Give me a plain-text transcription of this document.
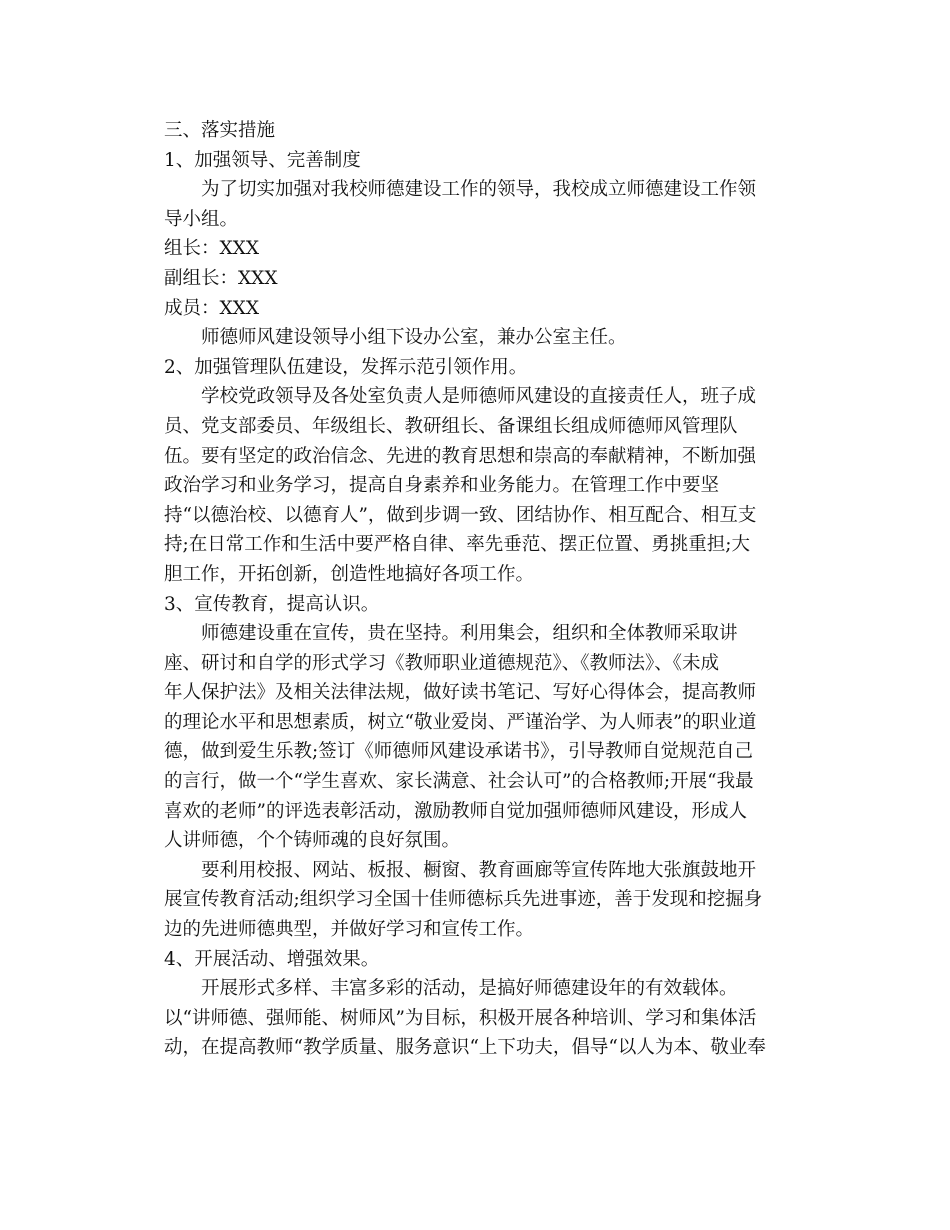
三、落实措施
1、加强领导、完善制度
为了切实加强对我校师德建设工作的领导，我校成立师德建设工作领
导小组。
组长：XXX
副组长：XXX
成员：XXX
师德师风建设领导小组下设办公室，兼办公室主任。
2、加强管理队伍建设，发挥示范引领作用。
学校党政领导及各处室负责人是师德师风建设的直接责任人，班子成
员、党支部委员、年级组长、教研组长、备课组长组成师德师风管理队
伍。要有坚定的政治信念、先进的教育思想和崇高的奉献精神，不断加强
政治学习和业务学习，提高自身素养和业务能力。在管理工作中要坚
持“以德治校、以德育人”，做到步调一致、团结协作、相互配合、相互支
持;在日常工作和生活中要严格自律、率先垂范、摆正位置、勇挑重担;大
胆工作，开拓创新，创造性地搞好各项工作。
3、宣传教育，提高认识。
师德建设重在宣传，贵在坚持。利用集会，组织和全体教师采取讲
座、研讨和自学的形式学习《教师职业道德规范》、《教师法》、《未成
年人保护法》及相关法律法规，做好读书笔记、写好心得体会，提高教师
的理论水平和思想素质，树立“敬业爱岗、严谨治学、为人师表”的职业道
德，做到爱生乐教;签订《师德师风建设承诺书》，引导教师自觉规范自己
的言行，做一个“学生喜欢、家长满意、社会认可”的合格教师;开展“我最
喜欢的老师”的评选表彰活动，激励教师自觉加强师德师风建设，形成人
人讲师德，个个铸师魂的良好氛围。
要利用校报、网站、板报、橱窗、教育画廊等宣传阵地大张旗鼓地开
展宣传教育活动;组织学习全国十佳师德标兵先进事迹，善于发现和挖掘身
边的先进师德典型，并做好学习和宣传工作。
4、开展活动、增强效果。
开展形式多样、丰富多彩的活动，是搞好师德建设年的有效载体。
以“讲师德、强师能、树师风”为目标，积极开展各种培训、学习和集体活
动，在提高教师“教学质量、服务意识“上下功夫，倡导“以人为本、敬业奉
